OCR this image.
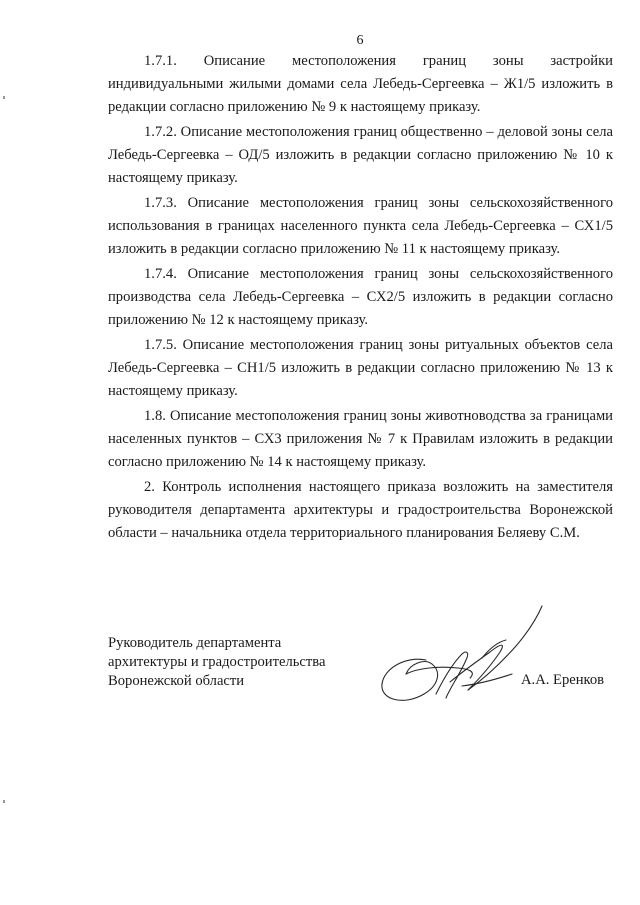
6

1.7.1. Описание местоположения границ зоны застройки индивидуальными жилыми домами села Лебедь-Сергеевка – Ж1/5 изложить в редакции согласно приложению № 9 к настоящему приказу.

1.7.2. Описание местоположения границ общественно – деловой зоны села Лебедь-Сергеевка – ОД/5 изложить в редакции согласно приложению № 10 к настоящему приказу.

1.7.3. Описание местоположения границ зоны сельскохозяйственного использования в границах населенного пункта села Лебедь-Сергеевка – СХ1/5 изложить в редакции согласно приложению № 11 к настоящему приказу.

1.7.4. Описание местоположения границ зоны сельскохозяйственного производства села Лебедь-Сергеевка – СХ2/5 изложить в редакции согласно приложению № 12 к настоящему приказу.

1.7.5. Описание местоположения границ зоны ритуальных объектов села Лебедь-Сергеевка – СН1/5 изложить в редакции согласно приложению № 13 к настоящему приказу.

1.8. Описание местоположения границ зоны животноводства за границами населенных пунктов – СХ3 приложения № 7 к Правилам изложить в редакции согласно приложению № 14 к настоящему приказу.

2. Контроль исполнения настоящего приказа возложить на заместителя руководителя департамента архитектуры и градостроительства Воронежской области – начальника отдела территориального планирования Беляеву С.М.

Руководитель департамента
архитектуры и градостроительства
Воронежской области	А.А. Еренков
